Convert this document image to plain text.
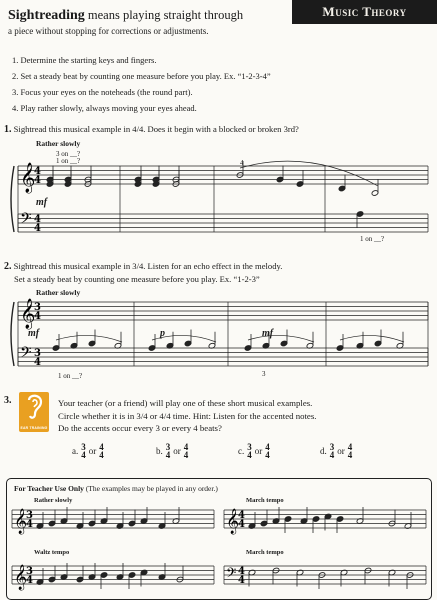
Music Theory
Sightreading means playing straight through
a piece without stopping for corrections or adjustments.
1. Determine the starting keys and fingers.
2. Set a steady beat by counting one measure before you play. Ex. “1-2-3-4”
3. Focus your eyes on the noteheads (the round part).
4. Play rather slowly, always moving your eyes ahead.
1. Sightread this musical example in 4/4. Does it begin with a blocked or broken 3rd?
Rather slowly
3 on __?
1 on __?	4
mf
1 on __?
2. Sightread this musical example in 3/4. Listen for an echo effect in the melody.
Set a steady beat by counting one measure before you play. Ex. “1-2-3”
Rather slowly
mf	p	mf
3
1 on __?
3.
EAR TRAINING
Your teacher (or a friend) will play one of these short musical examples.
Circle whether it is in 3/4 or 4/4 time. Hint: Listen for the accented notes.
Do the accents occur every 3 or every 4 beats?
a. 3
4 or 4
4	b. 3
4 or 4
4	c. 3
4 or 4
4	d. 3
4 or 4
4
For Teacher Use Only (The examples may be played in any order.)
Rather slowly	March tempo
Waltz tempo	March tempo
𝄞
𝄢
4
4
4
4
𝄞
𝄢
3
4
3
4
𝄞
3
4	𝄞
4
4
𝄞
3
4	𝄢 4
4
